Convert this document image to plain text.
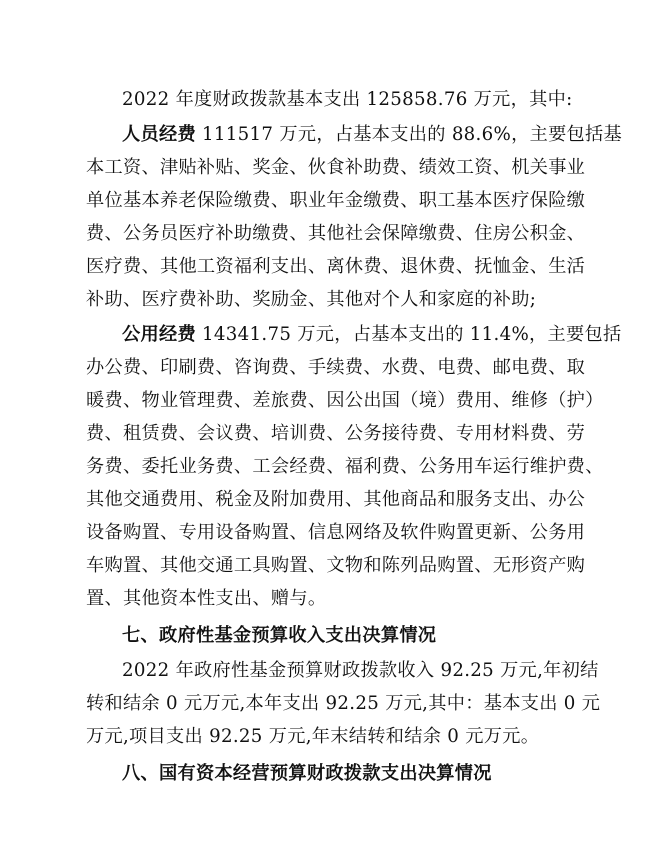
2022 年度财政拨款基本支出 125858.76 万元，其中:
人员经费 111517 万元，占基本支出的 88.6%，主要包括基
本工资、津贴补贴、奖金、伙食补助费、绩效工资、机关事业
单位基本养老保险缴费、职业年金缴费、职工基本医疗保险缴
费、公务员医疗补助缴费、其他社会保障缴费、住房公积金、
医疗费、其他工资福利支出、离休费、退休费、抚恤金、生活
补助、医疗费补助、奖励金、其他对个人和家庭的补助;
公用经费 14341.75 万元，占基本支出的 11.4%，主要包括
办公费、印刷费、咨询费、手续费、水费、电费、邮电费、取
暖费、物业管理费、差旅费、因公出国（境）费用、维修（护）
费、租赁费、会议费、培训费、公务接待费、专用材料费、劳
务费、委托业务费、工会经费、福利费、公务用车运行维护费、
其他交通费用、税金及附加费用、其他商品和服务支出、办公
设备购置、专用设备购置、信息网络及软件购置更新、公务用
车购置、其他交通工具购置、文物和陈列品购置、无形资产购
置、其他资本性支出、赠与。
七、政府性基金预算收入支出决算情况
2022 年政府性基金预算财政拨款收入 92.25 万元,年初结
转和结余 0 元万元,本年支出 92.25 万元,其中：基本支出 0 元
万元,项目支出 92.25 万元,年末结转和结余 0 元万元。
八、国有资本经营预算财政拨款支出决算情况
